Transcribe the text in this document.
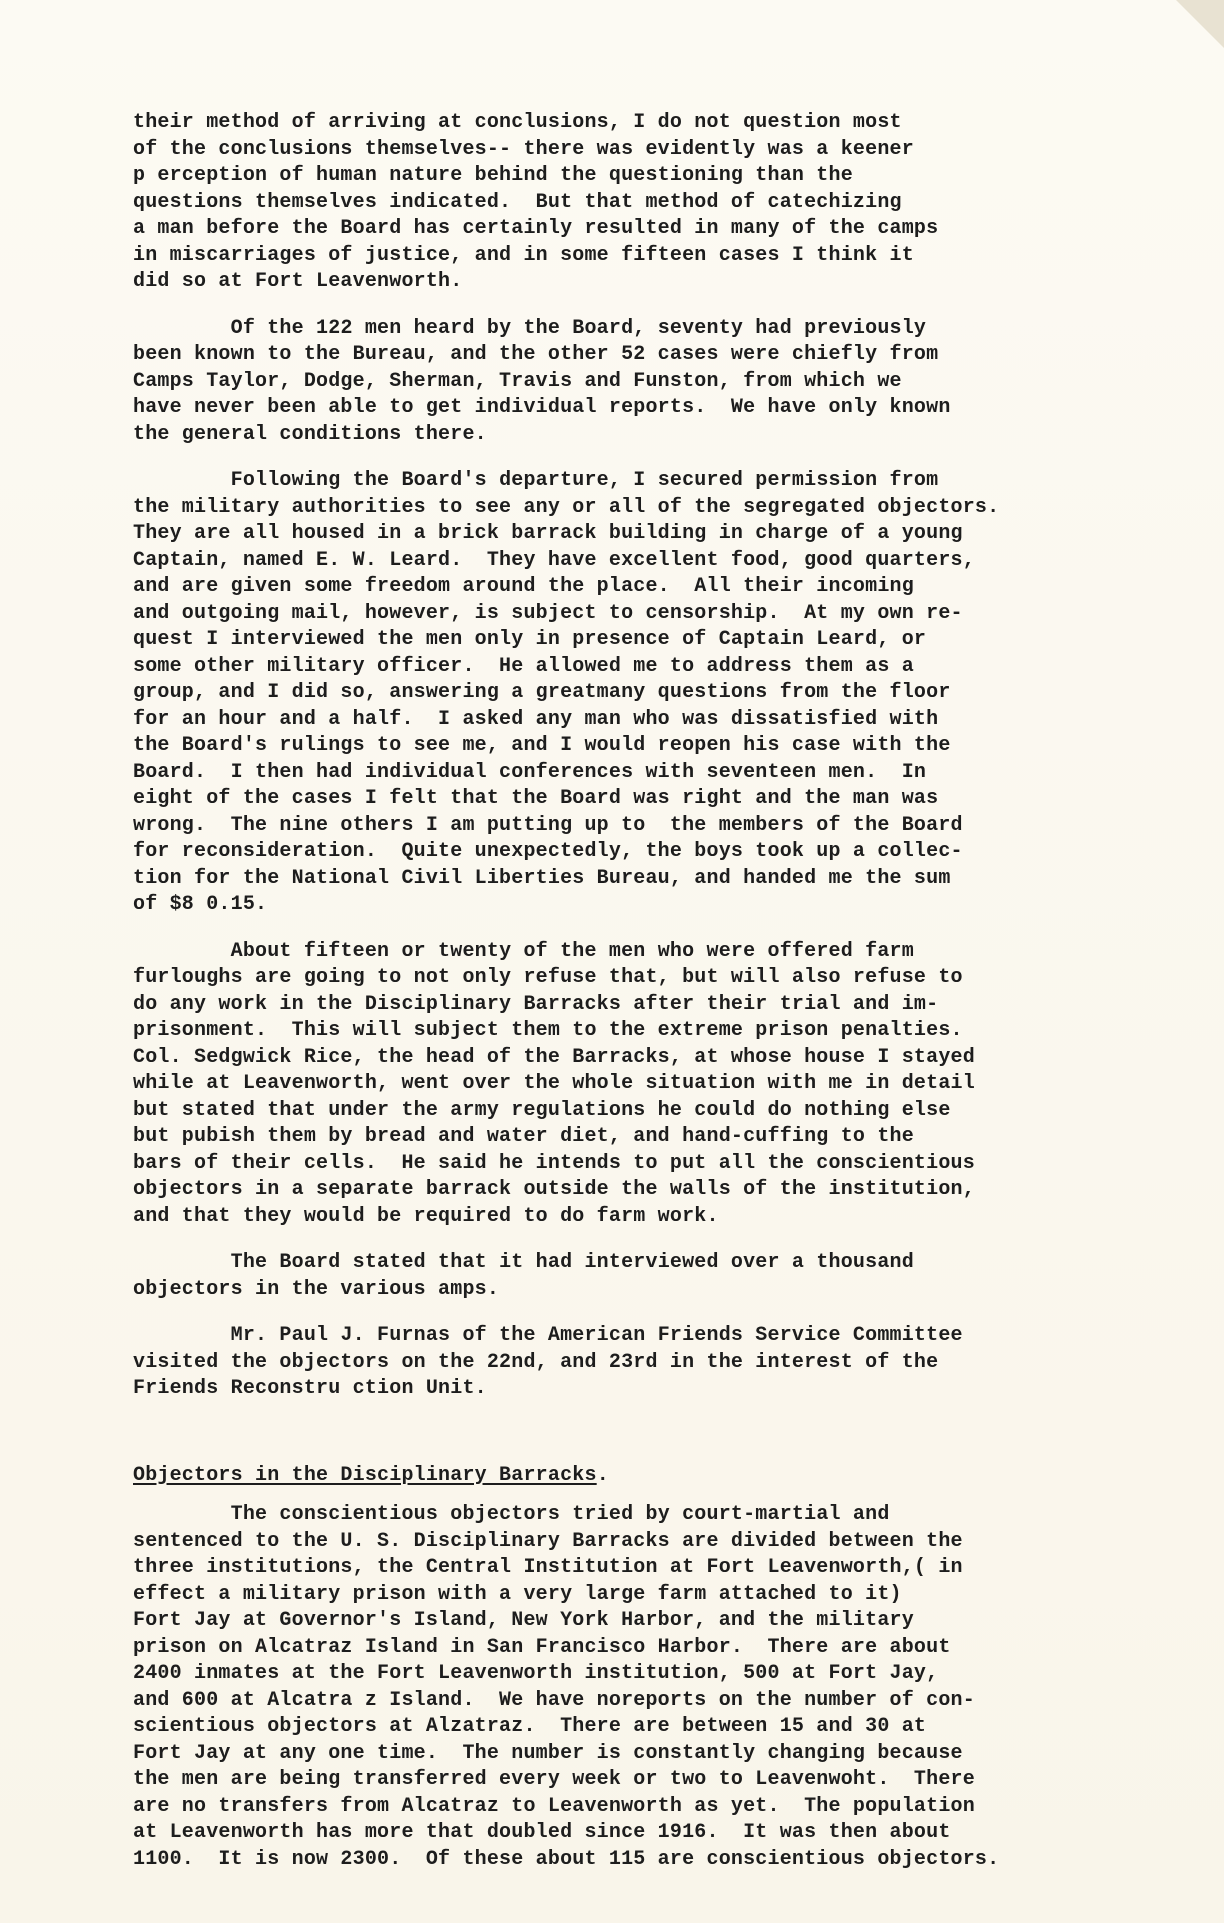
their method of arriving at conclusions, I do not question most
of the conclusions themselves-- there was evidently was a keener
p erception of human nature behind the questioning than the
questions themselves indicated.  But that method of catechizing
a man before the Board has certainly resulted in many of the camps
in miscarriages of justice, and in some fifteen cases I think it
did so at Fort Leavenworth.

Of the 122 men heard by the Board, seventy had previously
been known to the Bureau, and the other 52 cases were chiefly from
Camps Taylor, Dodge, Sherman, Travis and Funston, from which we
have never been able to get individual reports.  We have only known
the general conditions there.

Following the Board's departure, I secured permission from
the military authorities to see any or all of the segregated objectors.
They are all housed in a brick barrack building in charge of a young
Captain, named E. W. Leard.  They have excellent food, good quarters,
and are given some freedom around the place.  All their incoming
and outgoing mail, however, is subject to censorship.  At my own re-
quest I interviewed the men only in presence of Captain Leard, or
some other military officer.  He allowed me to address them as a
group, and I did so, answering a greatmany questions from the floor
for an hour and a half.  I asked any man who was dissatisfied with
the Board's rulings to see me, and I would reopen his case with the
Board.  I then had individual conferences with seventeen men.  In
eight of the cases I felt that the Board was right and the man was
wrong.  The nine others I am putting up to  the members of the Board
for reconsideration.  Quite unexpectedly, the boys took up a collec-
tion for the National Civil Liberties Bureau, and handed me the sum
of $8 0.15.

About fifteen or twenty of the men who were offered farm
furloughs are going to not only refuse that, but will also refuse to
do any work in the Disciplinary Barracks after their trial and im-
prisonment.  This will subject them to the extreme prison penalties.
Col. Sedgwick Rice, the head of the Barracks, at whose house I stayed
while at Leavenworth, went over the whole situation with me in detail
but stated that under the army regulations he could do nothing else
but pubish them by bread and water diet, and hand-cuffing to the
bars of their cells.  He said he intends to put all the conscientious
objectors in a separate barrack outside the walls of the institution,
and that they would be required to do farm work.

The Board stated that it had interviewed over a thousand
objectors in the various amps.

Mr. Paul J. Furnas of the American Friends Service Committee
visited the objectors on the 22nd, and 23rd in the interest of the
Friends Reconstru ction Unit.

Objectors in the Disciplinary Barracks.

The conscientious objectors tried by court-martial and
sentenced to the U. S. Disciplinary Barracks are divided between the
three institutions, the Central Institution at Fort Leavenworth,( in
effect a military prison with a very large farm attached to it)
Fort Jay at Governor's Island, New York Harbor, and the military
prison on Alcatraz Island in San Francisco Harbor.  There are about
2400 inmates at the Fort Leavenworth institution, 500 at Fort Jay,
and 600 at Alcatra z Island.  We have noreports on the number of con-
scientious objectors at Alzatraz.  There are between 15 and 30 at
Fort Jay at any one time.  The number is constantly changing because
the men are being transferred every week or two to Leavenwoht.  There
are no transfers from Alcatraz to Leavenworth as yet.  The population
at Leavenworth has more that doubled since 1916.  It was then about
1100.  It is now 2300.  Of these about 115 are conscientious objectors.
